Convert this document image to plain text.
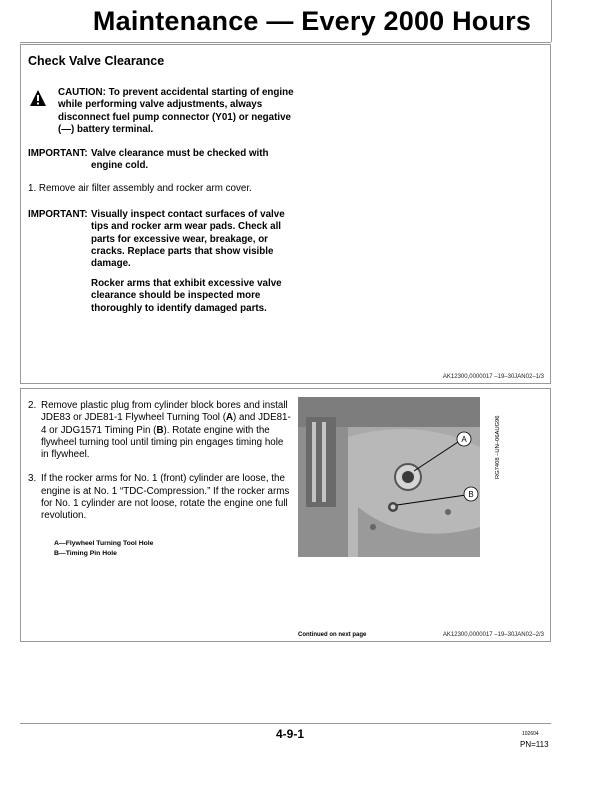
Maintenance — Every 2000 Hours
Check Valve Clearance
CAUTION: To prevent accidental starting of engine while performing valve adjustments, always disconnect fuel pump connector (Y01) or negative (—) battery terminal.
IMPORTANT: Valve clearance must be checked with engine cold.
1. Remove air filter assembly and rocker arm cover.
IMPORTANT: Visually inspect contact surfaces of valve tips and rocker arm wear pads. Check all parts for excessive wear, breakage, or cracks. Replace parts that show visible damage.
Rocker arms that exhibit excessive valve clearance should be inspected more thoroughly to identify damaged parts.
AK12300,0000017 –19–30JAN02–1/3
2. Remove plastic plug from cylinder block bores and install JDE83 or JDE81-1 Flywheel Turning Tool (A) and JDE81-4 or JDG1571 Timing Pin (B). Rotate engine with the flywheel turning tool until timing pin engages timing hole in flywheel.
3. If the rocker arms for No. 1 (front) cylinder are loose, the engine is at No. 1 “TDC-Compression.” If the rocker arms for No. 1 cylinder are not loose, rotate the engine one full revolution.
A—Flywheel Turning Tool Hole
B—Timing Pin Hole
A
B
RG7408 –UN–06AUG96
Continued on next page	AK12300,0000017 –19–30JAN02–2/3
4-9-1	102604
PN=113
